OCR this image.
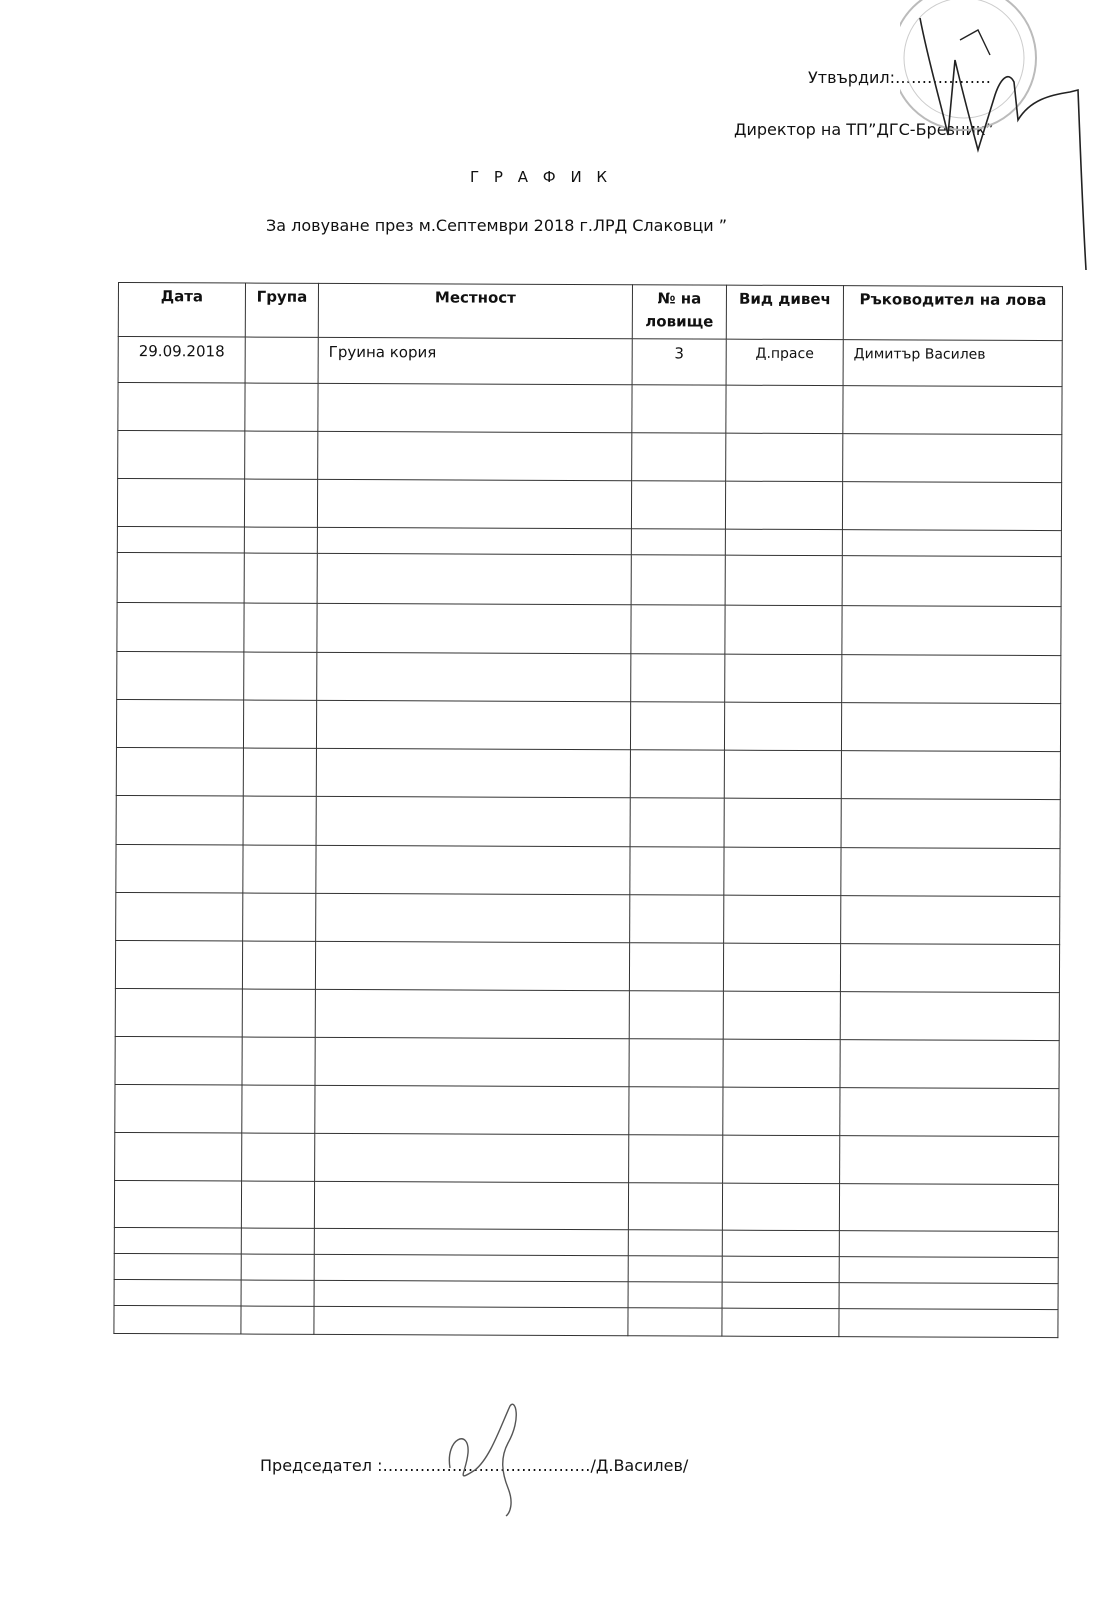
Утвърдил:………………
Директор на ТП”ДГС-Брезник”
Г Р А Ф И К
За ловуване през м.Септември 2018 г.ЛРД Слаковци ”
Дата	Група	Местност	№ на ловище	Вид дивеч	Ръководител на лова
29.09.2018		Груина кория	3	Д.прасе	Димитър Василев

Председател :…………………………………/Д.Василев/
